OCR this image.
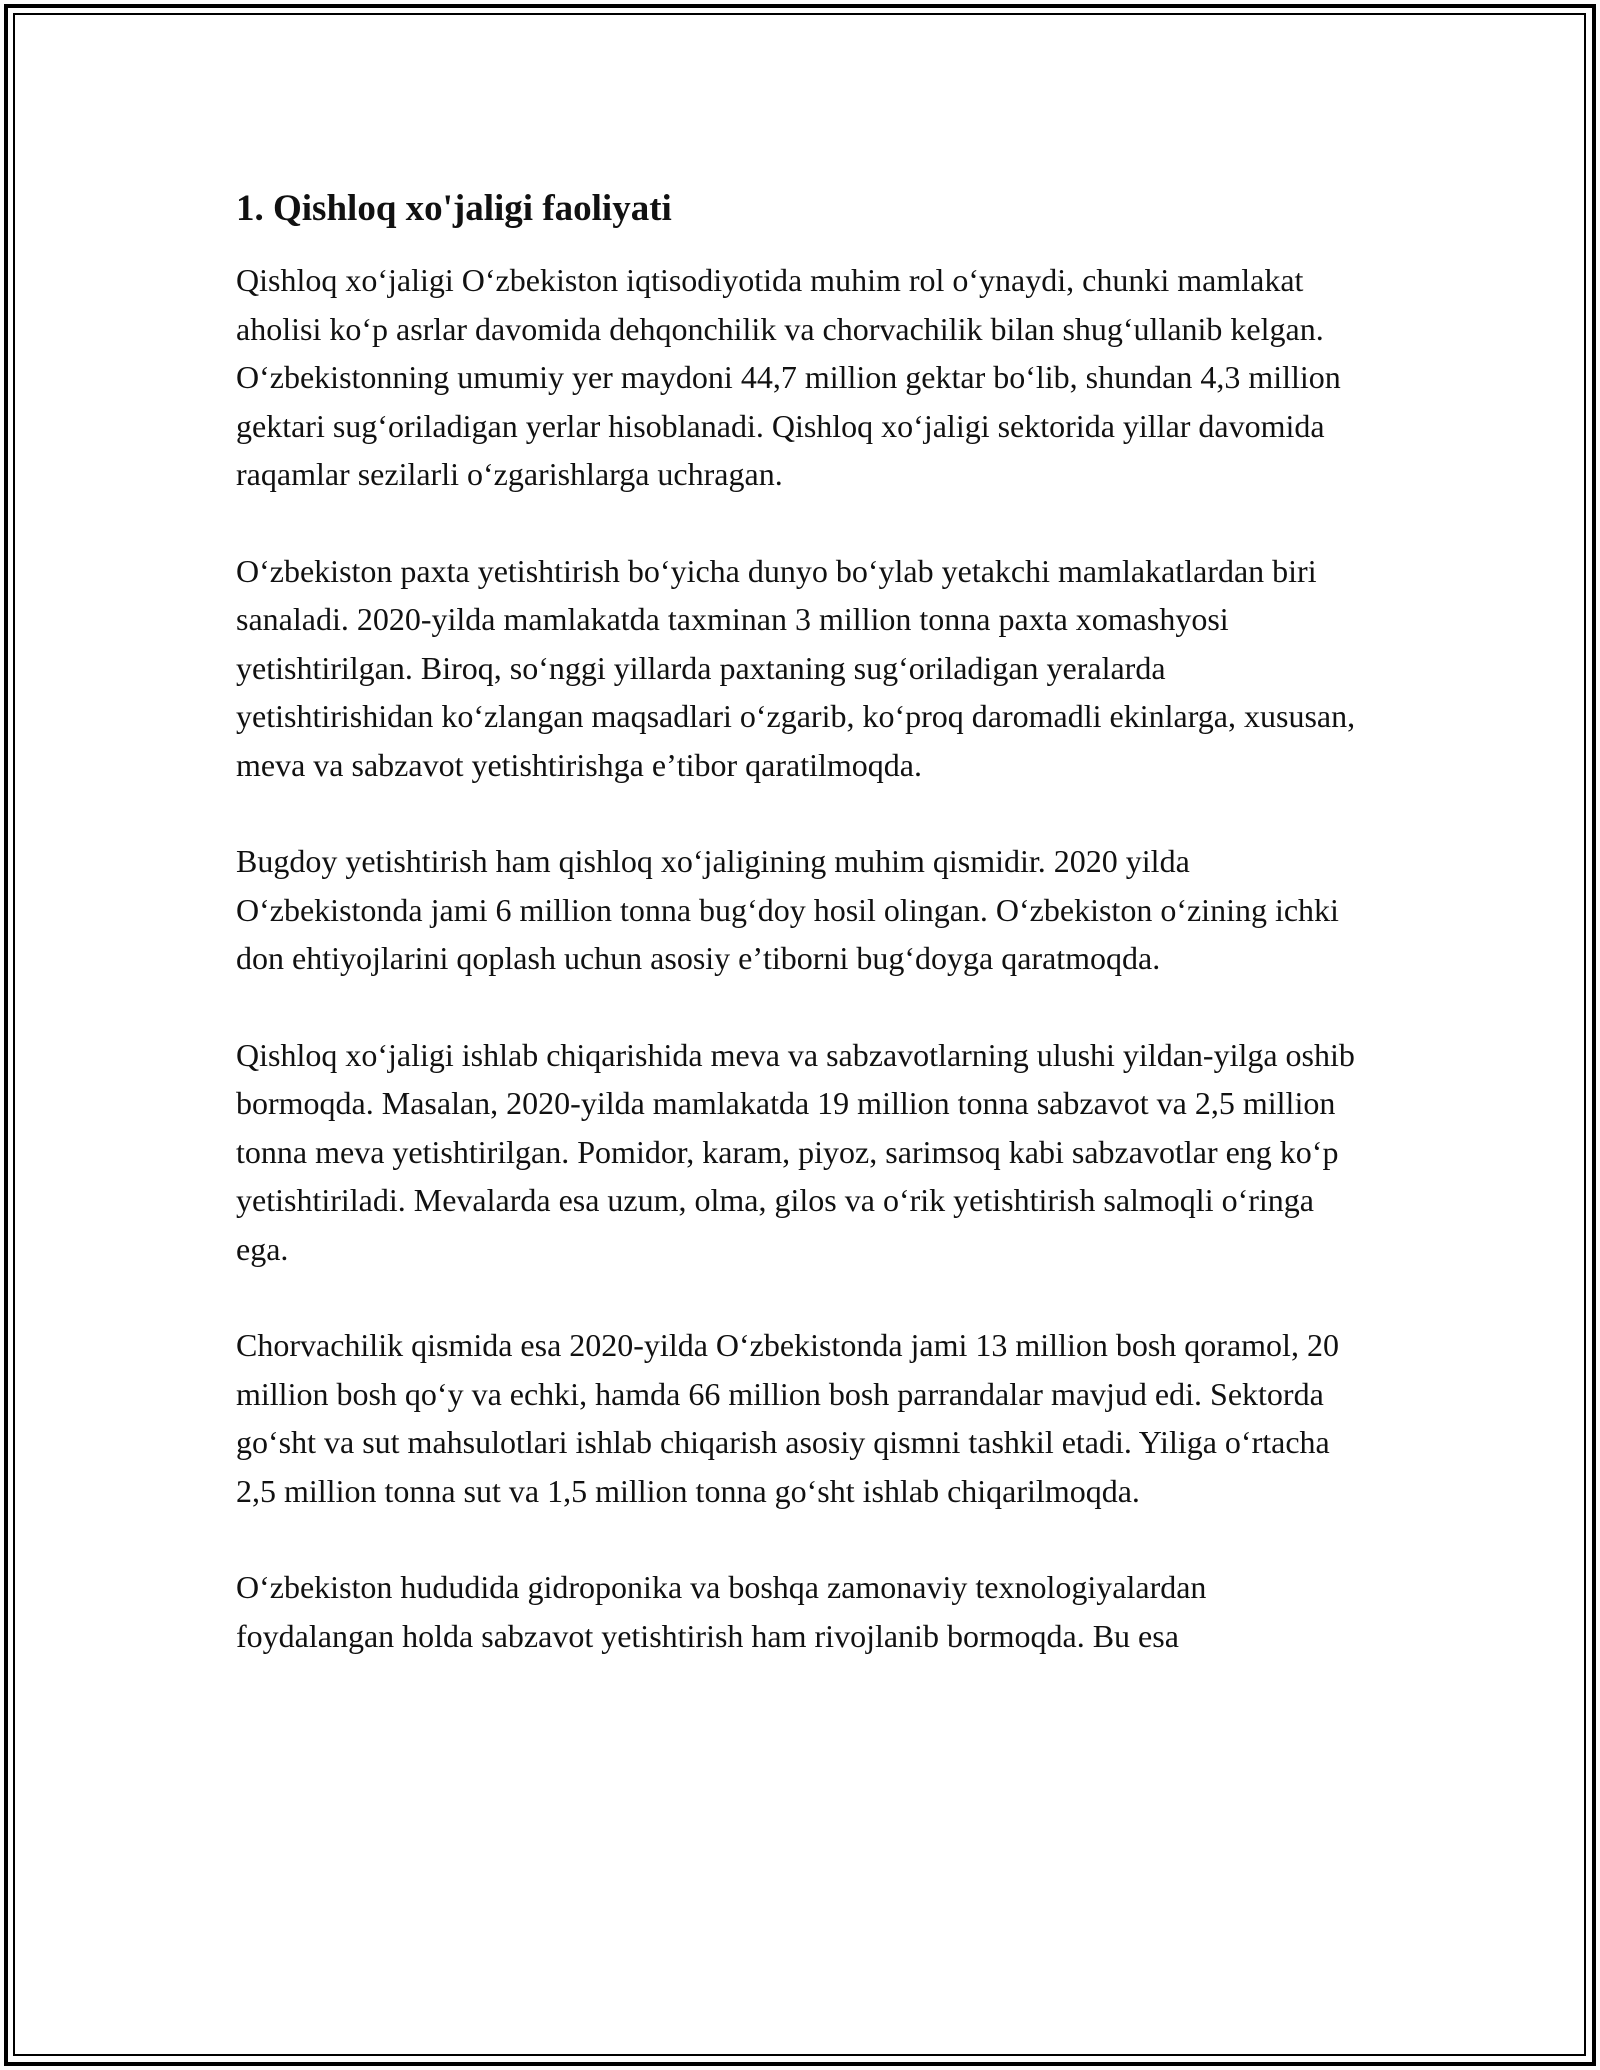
1. Qishloq xo'jaligi faoliyati

Qishloq xoʻjaligi Oʻzbekiston iqtisodiyotida muhim rol oʻynaydi, chunki mamlakat aholisi koʻp asrlar davomida dehqonchilik va chorvachilik bilan shugʻullanib kelgan. Oʻzbekistonning umumiy yer maydoni 44,7 million gektar boʻlib, shundan 4,3 million gektari sugʻoriladigan yerlar hisoblanadi. Qishloq xoʻjaligi sektorida yillar davomida raqamlar sezilarli oʻzgarishlarga uchragan.

Oʻzbekiston paxta yetishtirish boʻyicha dunyo boʻylab yetakchi mamlakatlardan biri sanaladi. 2020-yilda mamlakatda taxminan 3 million tonna paxta xomashyosi yetishtirilgan. Biroq, soʻnggi yillarda paxtaning sugʻoriladigan yeralarda yetishtirishidan koʻzlangan maqsadlari oʻzgarib, koʻproq daromadli ekinlarga, xususan, meva va sabzavot yetishtirishga eʼtibor qaratilmoqda.

Bugdoy yetishtirish ham qishloq xoʻjaligining muhim qismidir. 2020 yilda Oʻzbekistonda jami 6 million tonna bugʻdoy hosil olingan. Oʻzbekiston oʻzining ichki don ehtiyojlarini qoplash uchun asosiy eʼtiborni bugʻdoyga qaratmoqda.

Qishloq xoʻjaligi ishlab chiqarishida meva va sabzavotlarning ulushi yildan-yilga oshib bormoqda. Masalan, 2020-yilda mamlakatda 19 million tonna sabzavot va 2,5 million tonna meva yetishtirilgan. Pomidor, karam, piyoz, sarimsoq kabi sabzavotlar eng koʻp yetishtiriladi. Mevalarda esa uzum, olma, gilos va oʻrik yetishtirish salmoqli oʻringa ega.

Chorvachilik qismida esa 2020-yilda Oʻzbekistonda jami 13 million bosh qoramol, 20 million bosh qoʻy va echki, hamda 66 million bosh parrandalar mavjud edi. Sektorda goʻsht va sut mahsulotlari ishlab chiqarish asosiy qismni tashkil etadi. Yiliga oʻrtacha 2,5 million tonna sut va 1,5 million tonna goʻsht ishlab chiqarilmoqda.

Oʻzbekiston hududida gidroponika va boshqa zamonaviy texnologiyalardan foydalangan holda sabzavot yetishtirish ham rivojlanib bormoqda. Bu esa
